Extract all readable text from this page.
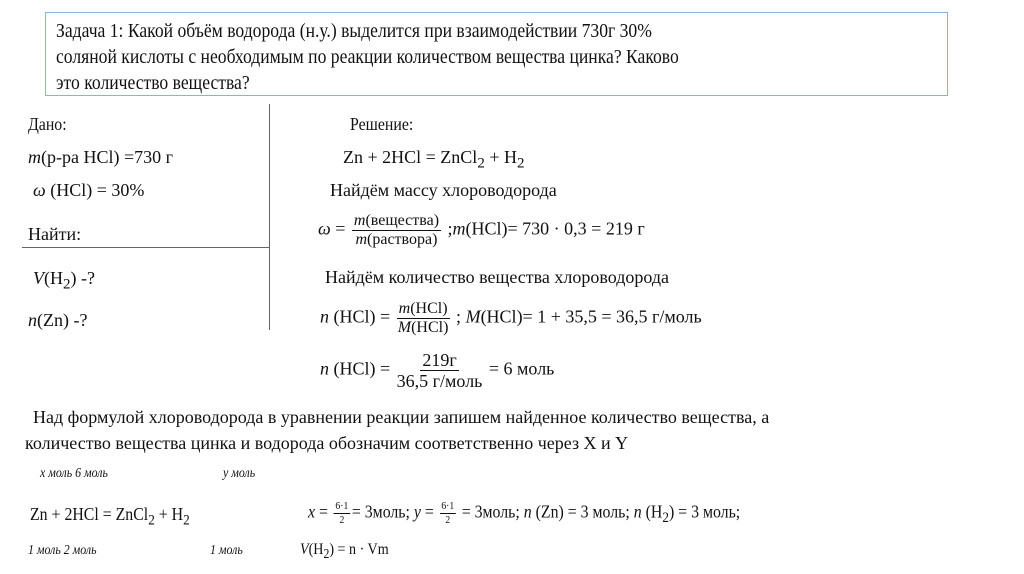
Задача 1: Какой объём водорода (н.у.) выделится при взаимодействии 730г 30%
соляной кислоты с необходимым по реакции количеством вещества цинка? Каково
это количество вещества?
Дано:
m(р-ра HCl) =730 г
ω (HCl) = 30%
Найти:
$V(H_2)$ -?
n(Zn) -?
Решение:
Zn + 2HCl = ZnCl$_2$ + $H_2$
Найдём массу хлороводорода
$\omega = \frac{\text{m(вещества)}}{\text{m(раствора)}}$ ;m(HCl)= 730 · 0,3 = 219 г
Найдём количество вещества хлороводорода
n $(HCl) = \frac{\text{m(HCl)}}{\text{M(HCl)}}$ ; M(HCl)= 1 + 35,5 = 36,5 г/моль
n $(HCl) = \frac{219г}{\text{36,5 г/моль}} = 6$ моль
Над формулой хлороводорода в уравнении реакции запишем найденное количество вещества, а
количество вещества цинка и водорода обозначим соответственно через X и Y
x моль 6 моль	y моль
Zn + 2HCl = ZnCl$_2$ + $H_2$	$x = \frac{6\cdot 1}{2}$ = 3моль; $y = \frac{6\cdot 1}{2}$ = 3моль; n (Zn) = 3 моль; n $(H_2) = 3$ моль;
1 моль 2 моль	1 моль	$V(H_2) = n \cdot Vm$
